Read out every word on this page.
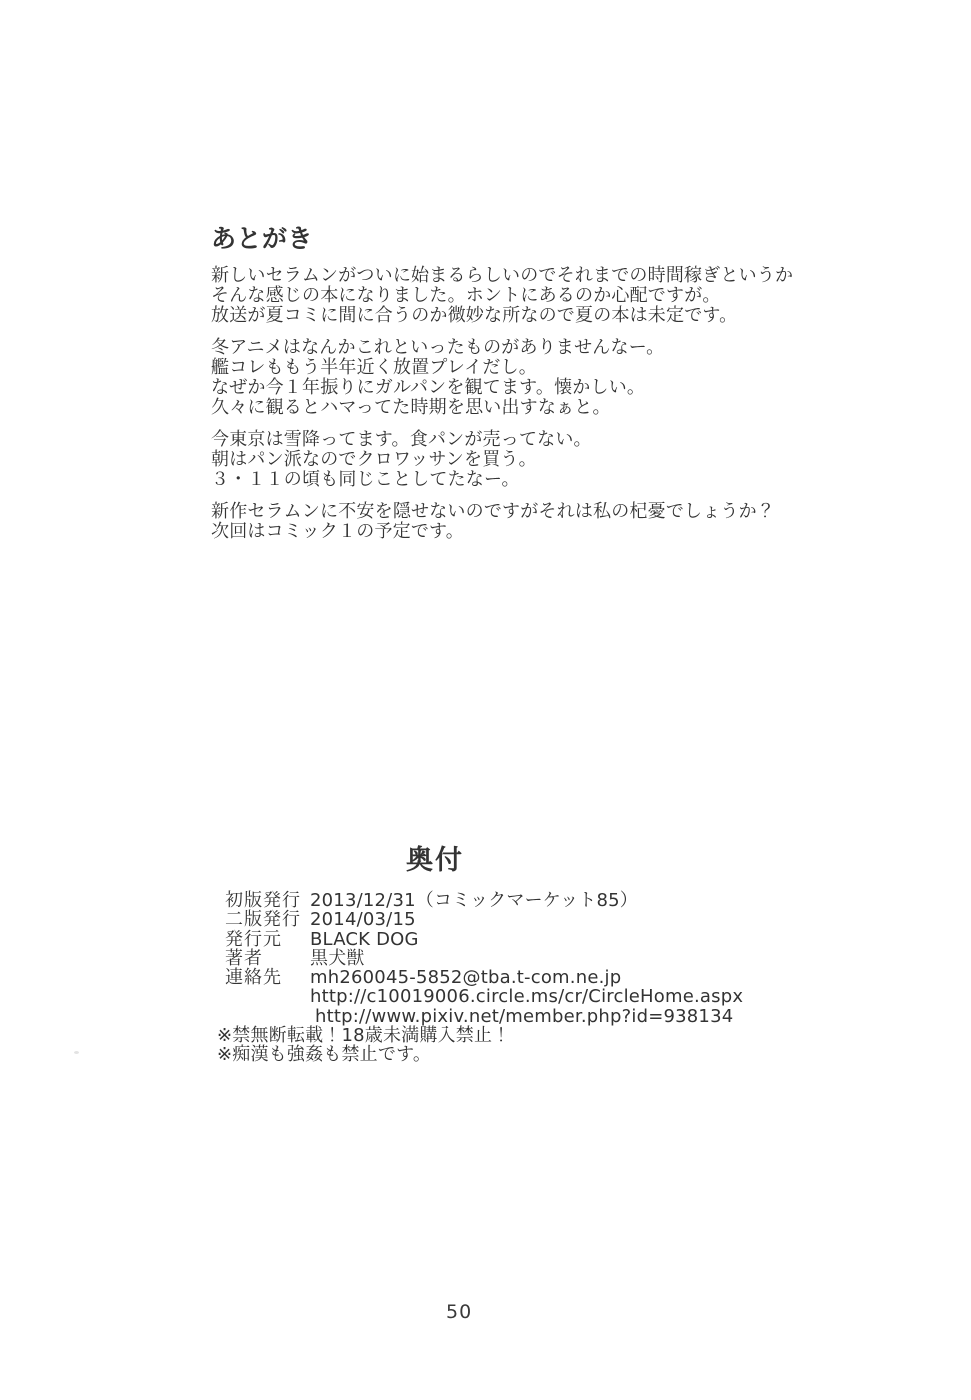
あとがき

新しいセラムンがついに始まるらしいのでそれまでの時間稼ぎというか
そんな感じの本になりました。ホントにあるのか心配ですが。
放送が夏コミに間に合うのか微妙な所なので夏の本は未定です。

冬アニメはなんかこれといったものがありませんなー。
艦コレももう半年近く放置プレイだし。
なぜか今１年振りにガルパンを観てます。懐かしい。
久々に観るとハマってた時期を思い出すなぁと。

今東京は雪降ってます。食パンが売ってない。
朝はパン派なのでクロワッサンを買う。
３・１１の頃も同じことしてたなー。

新作セラムンに不安を隠せないのですがそれは私の杞憂でしょうか？
次回はコミック１の予定です。

奥付
初版発行 2013/12/31（コミックマーケット85）
二版発行 2014/03/15
発行元	BLACK DOG
著者	黒犬獣
連絡先	mh260045-5852@tba.t-com.ne.jp
http://c10019006.circle.ms/cr/CircleHome.aspx
http://www.pixiv.net/member.php?id=938134
※禁無断転載！18歳未満購入禁止！
※痴漢も強姦も禁止です。
50
